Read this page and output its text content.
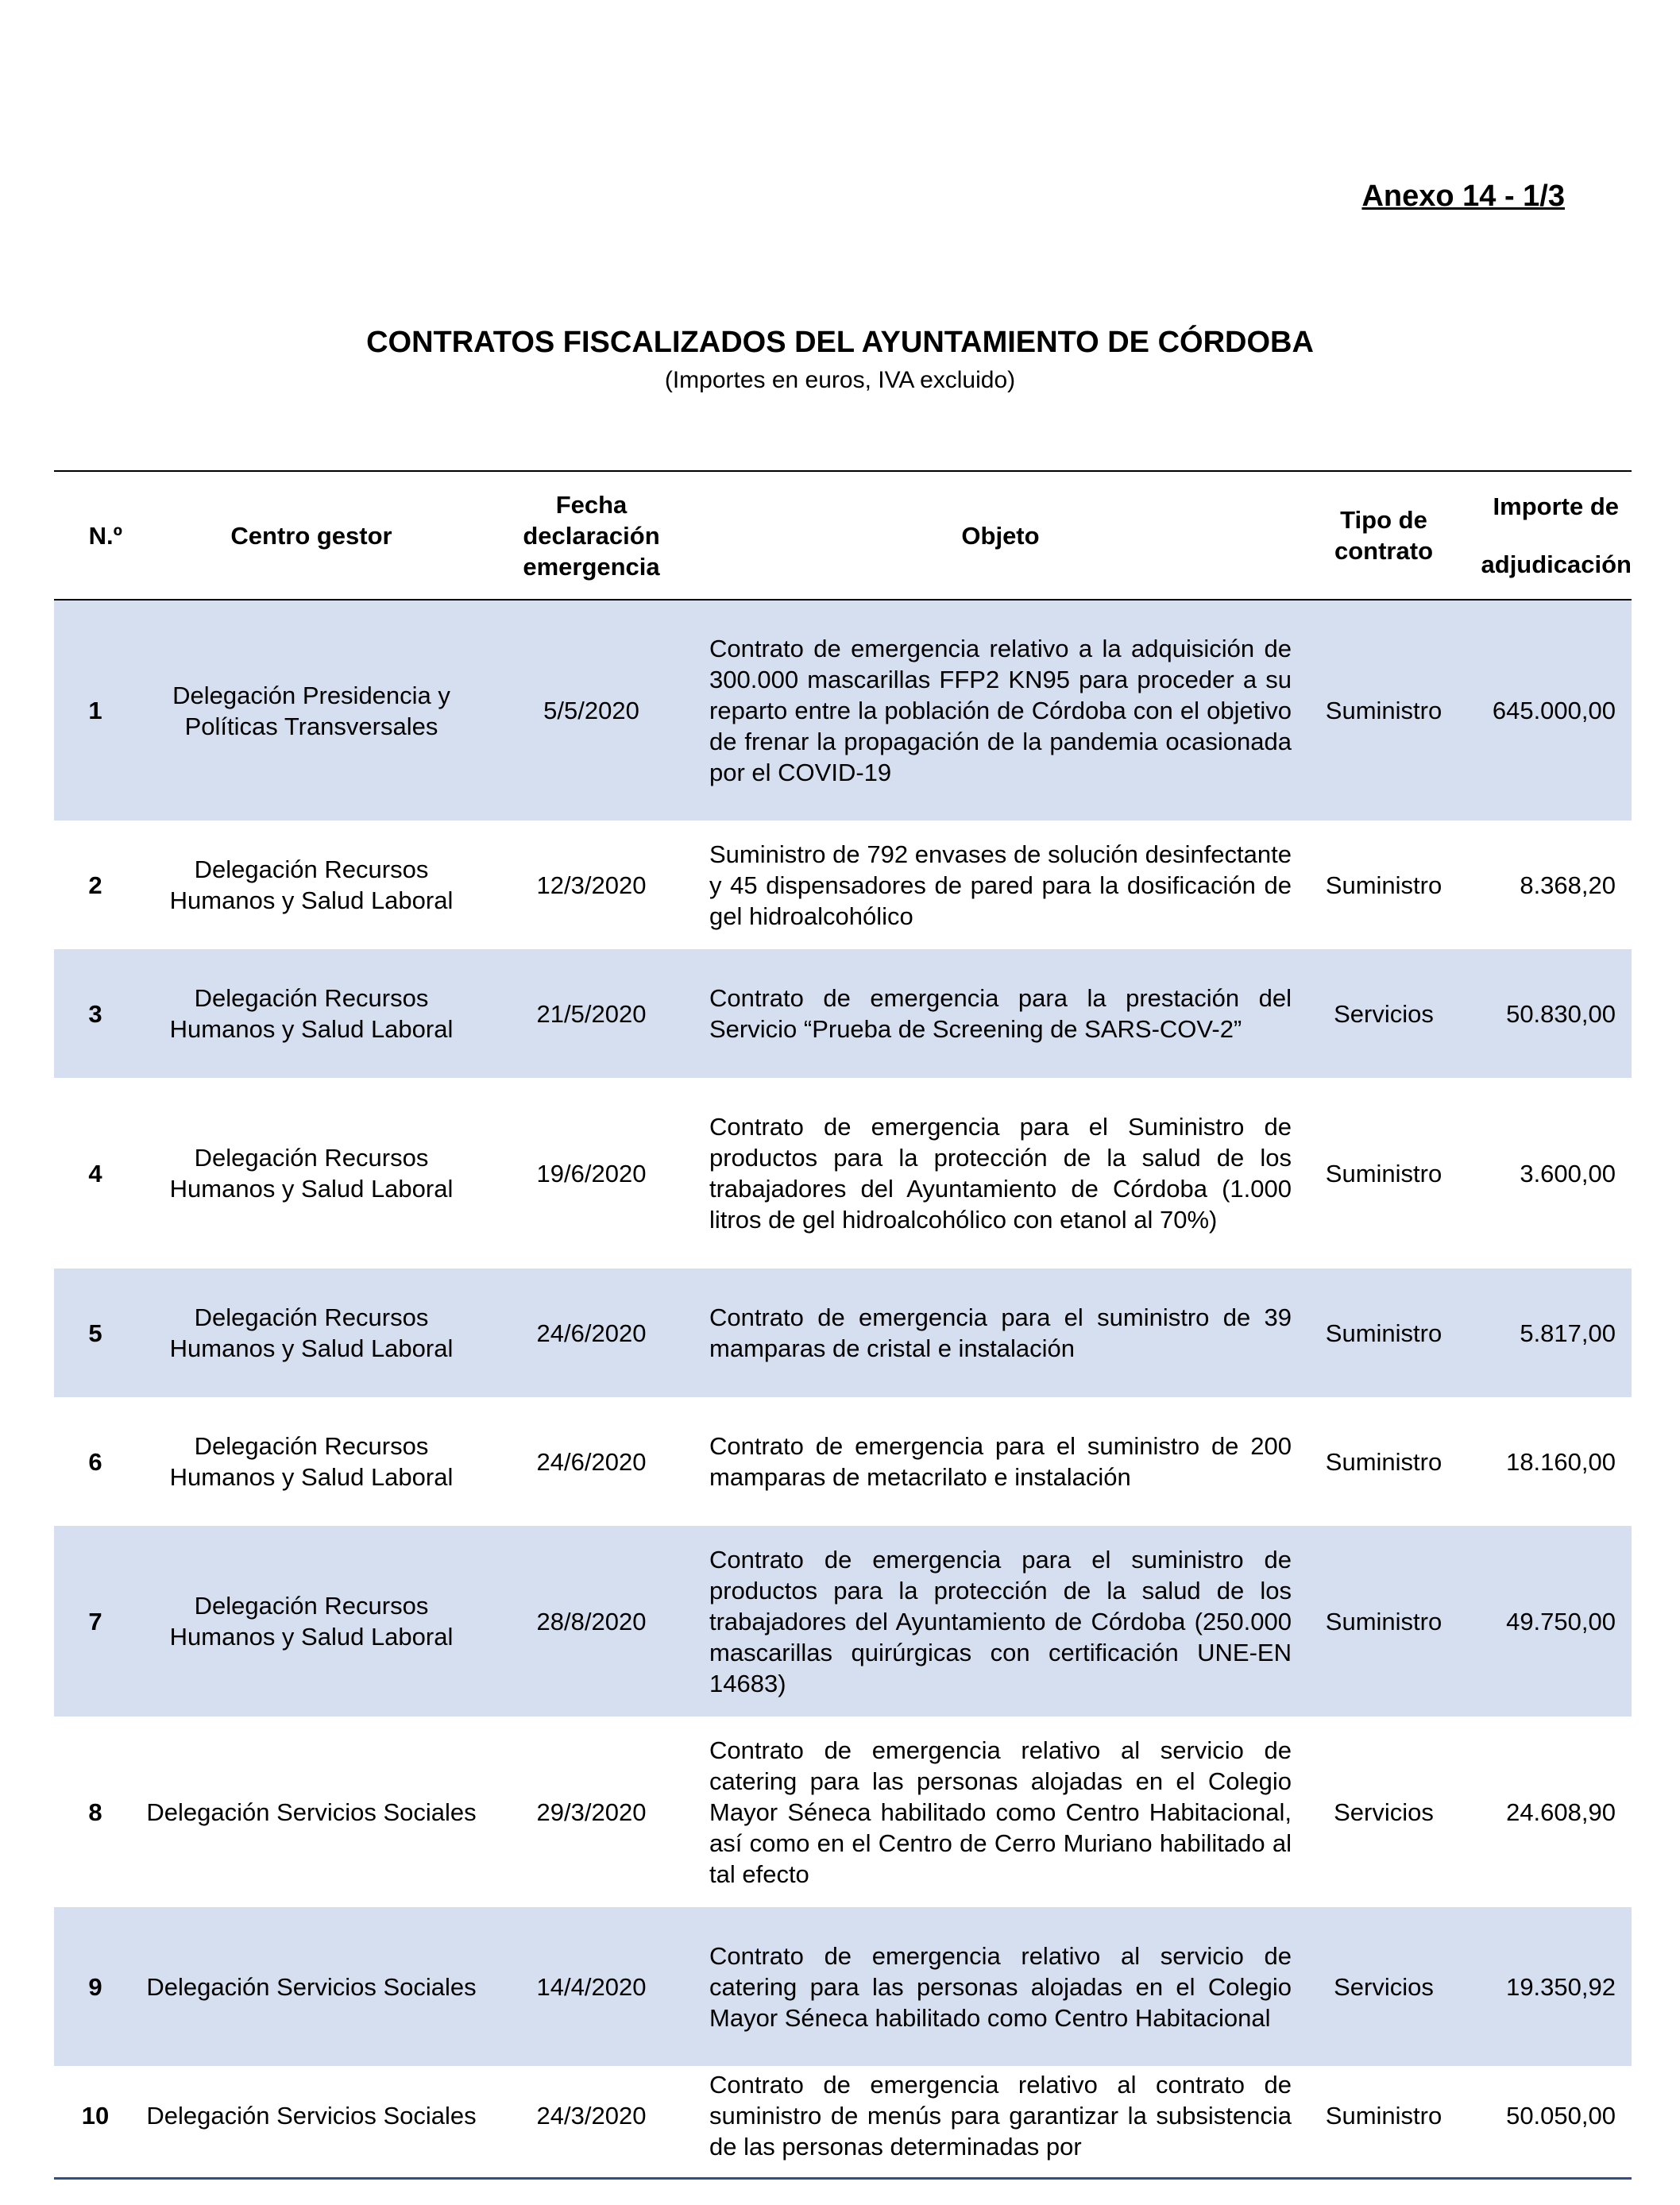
Anexo 14 - 1/3
CONTRATOS FISCALIZADOS DEL AYUNTAMIENTO DE CÓRDOBA
(Importes en euros, IVA excluido)
N.º	Centro gestor	Fecha declaración emergencia	Objeto	Tipo de contrato	Importe de
adjudicación

1	Delegación Presidencia y Políticas Transversales	5/5/2020	Contrato de emergencia relativo a la adquisición de 300.000 mascarillas FFP2 KN95 para proceder a su reparto entre la población de Córdoba con el objetivo de frenar la propagación de la pandemia ocasionada por el COVID-19	Suministro	645.000,00
2	Delegación Recursos Humanos y Salud Laboral	12/3/2020	Suministro de 792 envases de solución desinfectante y 45 dispensadores de pared para la dosificación de gel hidroalcohólico	Suministro	8.368,20
3	Delegación Recursos Humanos y Salud Laboral	21/5/2020	Contrato de emergencia para la prestación del Servicio “Prueba de Screening de SARS-COV-2”	Servicios	50.830,00
4	Delegación Recursos Humanos y Salud Laboral	19/6/2020	Contrato de emergencia para el Suministro de productos para la protección de la salud de los trabajadores del Ayuntamiento de Córdoba (1.000 litros de gel hidroalcohólico con etanol al 70%)	Suministro	3.600,00
5	Delegación Recursos Humanos y Salud Laboral	24/6/2020	Contrato de emergencia para el suministro de 39 mamparas de cristal e instalación	Suministro	5.817,00
6	Delegación Recursos Humanos y Salud Laboral	24/6/2020	Contrato de emergencia para el suministro de 200 mamparas de metacrilato e instalación	Suministro	18.160,00
7	Delegación Recursos Humanos y Salud Laboral	28/8/2020	Contrato de emergencia para el suministro de productos para la protección de la salud de los trabajadores del Ayuntamiento de Córdoba (250.000 mascarillas quirúrgicas con certificación UNE-EN 14683)	Suministro	49.750,00
8	Delegación Servicios Sociales	29/3/2020	Contrato de emergencia relativo al servicio de catering para las personas alojadas en el Colegio Mayor Séneca habilitado como Centro Habitacional, así como en el Centro de Cerro Muriano habilitado al tal efecto	Servicios	24.608,90
9	Delegación Servicios Sociales	14/4/2020	Contrato de emergencia relativo al servicio de catering para las personas alojadas en el Colegio Mayor Séneca habilitado como Centro Habitacional	Servicios	19.350,92
10	Delegación Servicios Sociales	24/3/2020	Contrato de emergencia relativo al contrato de suministro de menús para garantizar la subsistencia de las personas determinadas por	Suministro	50.050,00
